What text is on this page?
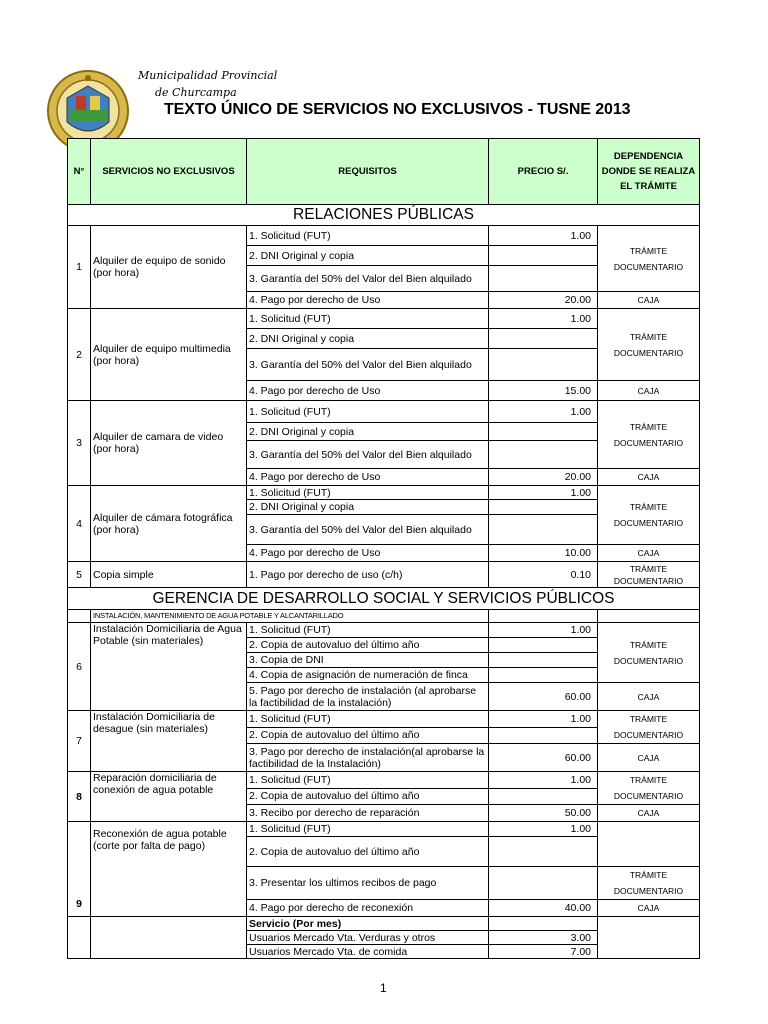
Municipalidad Provincial
de Churcampa
TEXTO ÚNICO DE SERVICIOS NO EXCLUSIVOS - TUSNE 2013
N°	SERVICIOS NO EXCLUSIVOS	REQUISITOS	PRECIO S/.	DEPENDENCIA DONDE SE REALIZA EL TRÁMITE
RELACIONES PÚBLICAS				
1	Alquiler de equipo de sonido (por hora)	1. Solicitud (FUT)	1.00	TRÁMITE DOCUMENTARIO
		2. DNI Original y copia		
		3. Garantía del 50% del Valor del Bien alquilado		
		4. Pago por derecho de Uso	20.00	CAJA
2	Alquiler de equipo multimedia (por hora)	1. Solicitud (FUT)	1.00	TRÁMITE DOCUMENTARIO
		2. DNI Original y copia		
		3. Garantía del 50% del Valor del Bien alquilado		
		4. Pago por derecho de Uso	15.00	CAJA
3	Alquiler de camara de video (por hora)	1. Solicitud (FUT)	1.00	TRÁMITE DOCUMENTARIO
		2. DNI Original y copia		
		3. Garantía del 50% del Valor del Bien alquilado		
		4. Pago por derecho de Uso	20.00	CAJA
4	Alquiler de cámara fotográfica (por hora)	1. Solicitud (FUT)	1.00	TRÁMITE DOCUMENTARIO
		2. DNI Original y copia		
		3. Garantía del 50% del Valor del Bien alquilado		
		4. Pago por derecho de Uso	10.00	CAJA
5	Copia simple	1. Pago por derecho de uso (c/h)	0.10	TRÁMITE DOCUMENTARIO
GERENCIA DE DESARROLLO SOCIAL Y SERVICIOS PÚBLICOS				
	INSTALACIÓN, MANTENIMIENTO DE AGUA POTABLE Y ALCANTARILLADO			
6	Instalación Domiciliaria de Agua Potable (sin materiales)	1. Solicitud (FUT)	1.00	TRÁMITE DOCUMENTARIO
		2. Copia de autovaluo del último año		
		3. Copia de DNI		
		4. Copia de asignación de numeración de finca		
		5. Pago por derecho de instalación (al aprobarse la factibilidad de la instalación)	60.00	CAJA
7	Instalación Domiciliaria de desague (sin materiales)	1. Solicitud (FUT)	1.00	TRÁMITE DOCUMENTARIO
		2. Copia de autovaluo del último año		
		3. Pago por derecho de instalación(al aprobarse la factibilidad de la Instalación)	60.00	CAJA
8	Reparación domiciliaria de conexión de agua potable	1. Solicitud (FUT)	1.00	TRÁMITE DOCUMENTARIO
		2. Copia de autovaluo del último año		
		3. Recibo por derecho de reparación	50.00	CAJA
9	Reconexión de agua potable (corte por falta de pago)	1. Solicitud (FUT)	1.00	
		2. Copia de autovaluo del último año		
		3. Presentar los ultimos recibos de pago		TRÁMITE DOCUMENTARIO
		4. Pago por derecho de reconexión	40.00	CAJA
		Servicio (Por mes)		
		Usuarios Mercado Vta. Verduras y otros	3.00	
		Usuarios Mercado Vta. de comida	7.00	
1
